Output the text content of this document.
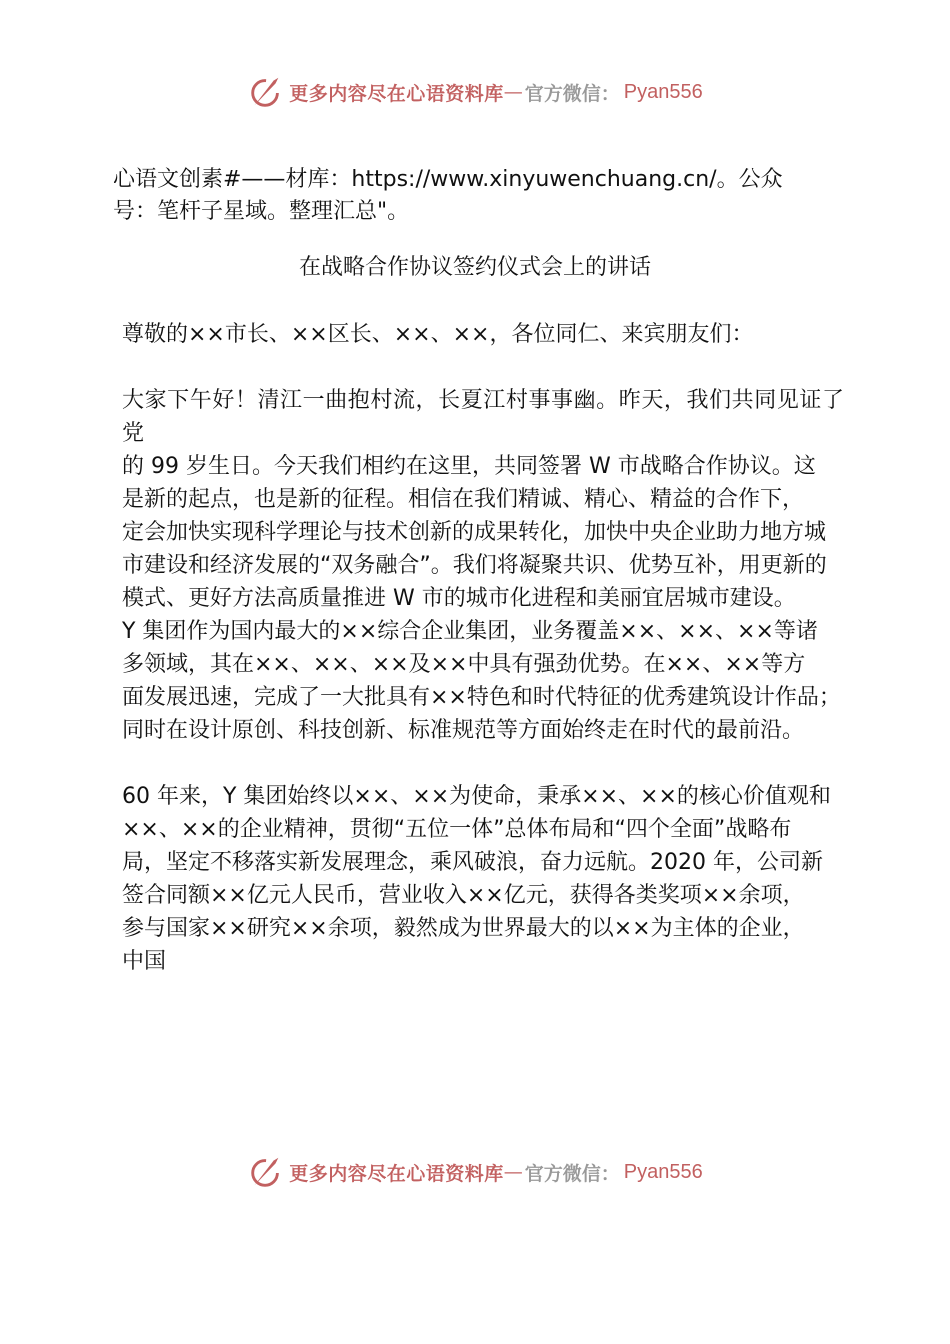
更多内容尽在心语资料库 — 官方微信： Pyan556
心语文创素#——材库：https://www.xinyuwenchuang.cn/。公众
号：笔杆子星域。整理汇总"。
在战略合作协议签约仪式会上的讲话

尊敬的××市长、××区长、××、××，各位同仁、来宾朋友们：

大家下午好！清江一曲抱村流，长夏江村事事幽。昨天，我们共同见证了党
的 99 岁生日。今天我们相约在这里，共同签署 W 市战略合作协议。这
是新的起点，也是新的征程。相信在我们精诚、精心、精益的合作下，
定会加快实现科学理论与技术创新的成果转化，加快中央企业助力地方城
市建设和经济发展的“双务融合”。我们将凝聚共识、优势互补，用更新的
模式、更好方法高质量推进 W 市的城市化进程和美丽宜居城市建设。

Y 集团作为国内最大的××综合企业集团，业务覆盖××、××、××等诸
多领域，其在××、××、××及××中具有强劲优势。在××、××等方
面发展迅速，完成了一大批具有××特色和时代特征的优秀建筑设计作品；
同时在设计原创、科技创新、标准规范等方面始终走在时代的最前沿。

60 年来，Y 集团始终以××、××为使命，秉承××、××的核心价值观和
××、××的企业精神，贯彻“五位一体”总体布局和“四个全面”战略布
局，坚定不移落实新发展理念，乘风破浪，奋力远航。2020 年，公司新
签合同额××亿元人民币，营业收入××亿元，获得各类奖项××余项，
参与国家××研究××余项，毅然成为世界最大的以××为主体的企业，
中国

更多内容尽在心语资料库 — 官方微信： Pyan556
